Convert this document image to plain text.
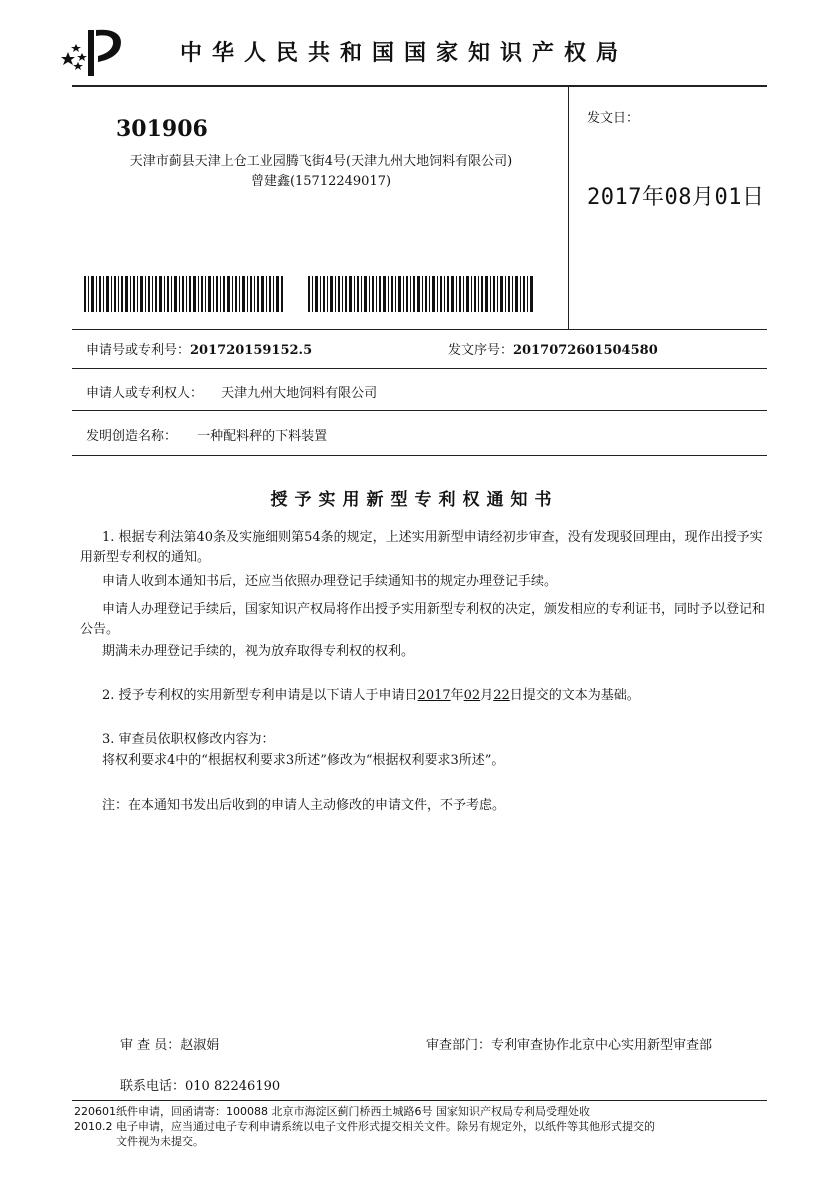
中华人民共和国国家知识产权局
301906
天津市蓟县天津上仓工业园腾飞街4号(天津九州大地饲料有限公司)
曾建鑫(15712249017)
发文日：
2017年08月01日
申请号或专利号：201720159152.5	发文序号：2017072601504580
申请人或专利权人： 天津九州大地饲料有限公司
发明创造名称： 一种配料秤的下料装置
授予实用新型专利权通知书
1. 根据专利法第40条及实施细则第54条的规定，上述实用新型申请经初步审查，没有发现驳回理由，现作出授予实用新型专利权的通知。
申请人收到本通知书后，还应当依照办理登记手续通知书的规定办理登记手续。
申请人办理登记手续后，国家知识产权局将作出授予实用新型专利权的决定，颁发相应的专利证书，同时予以登记和公告。
期满未办理登记手续的，视为放弃取得专利权的权利。
2. 授予专利权的实用新型专利申请是以下请人于申请日2017年02月22日提交的文本为基础。
3. 审查员依职权修改内容为：
将权利要求4中的“根据权利要求3所述”修改为“根据权利要求3所述”。
注：在本通知书发出后收到的申请人主动修改的申请文件，不予考虑。
审 查 员：赵淑娟	审查部门：专利审查协作北京中心实用新型审查部
联系电话：010 82246190
220601
2010.2
纸件申请，回函请寄：100088 北京市海淀区蓟门桥西土城路6号 国家知识产权局专利局受理处收
电子申请，应当通过电子专利申请系统以电子文件形式提交相关文件。除另有规定外，以纸件等其他形式提交的
文件视为未提交。
